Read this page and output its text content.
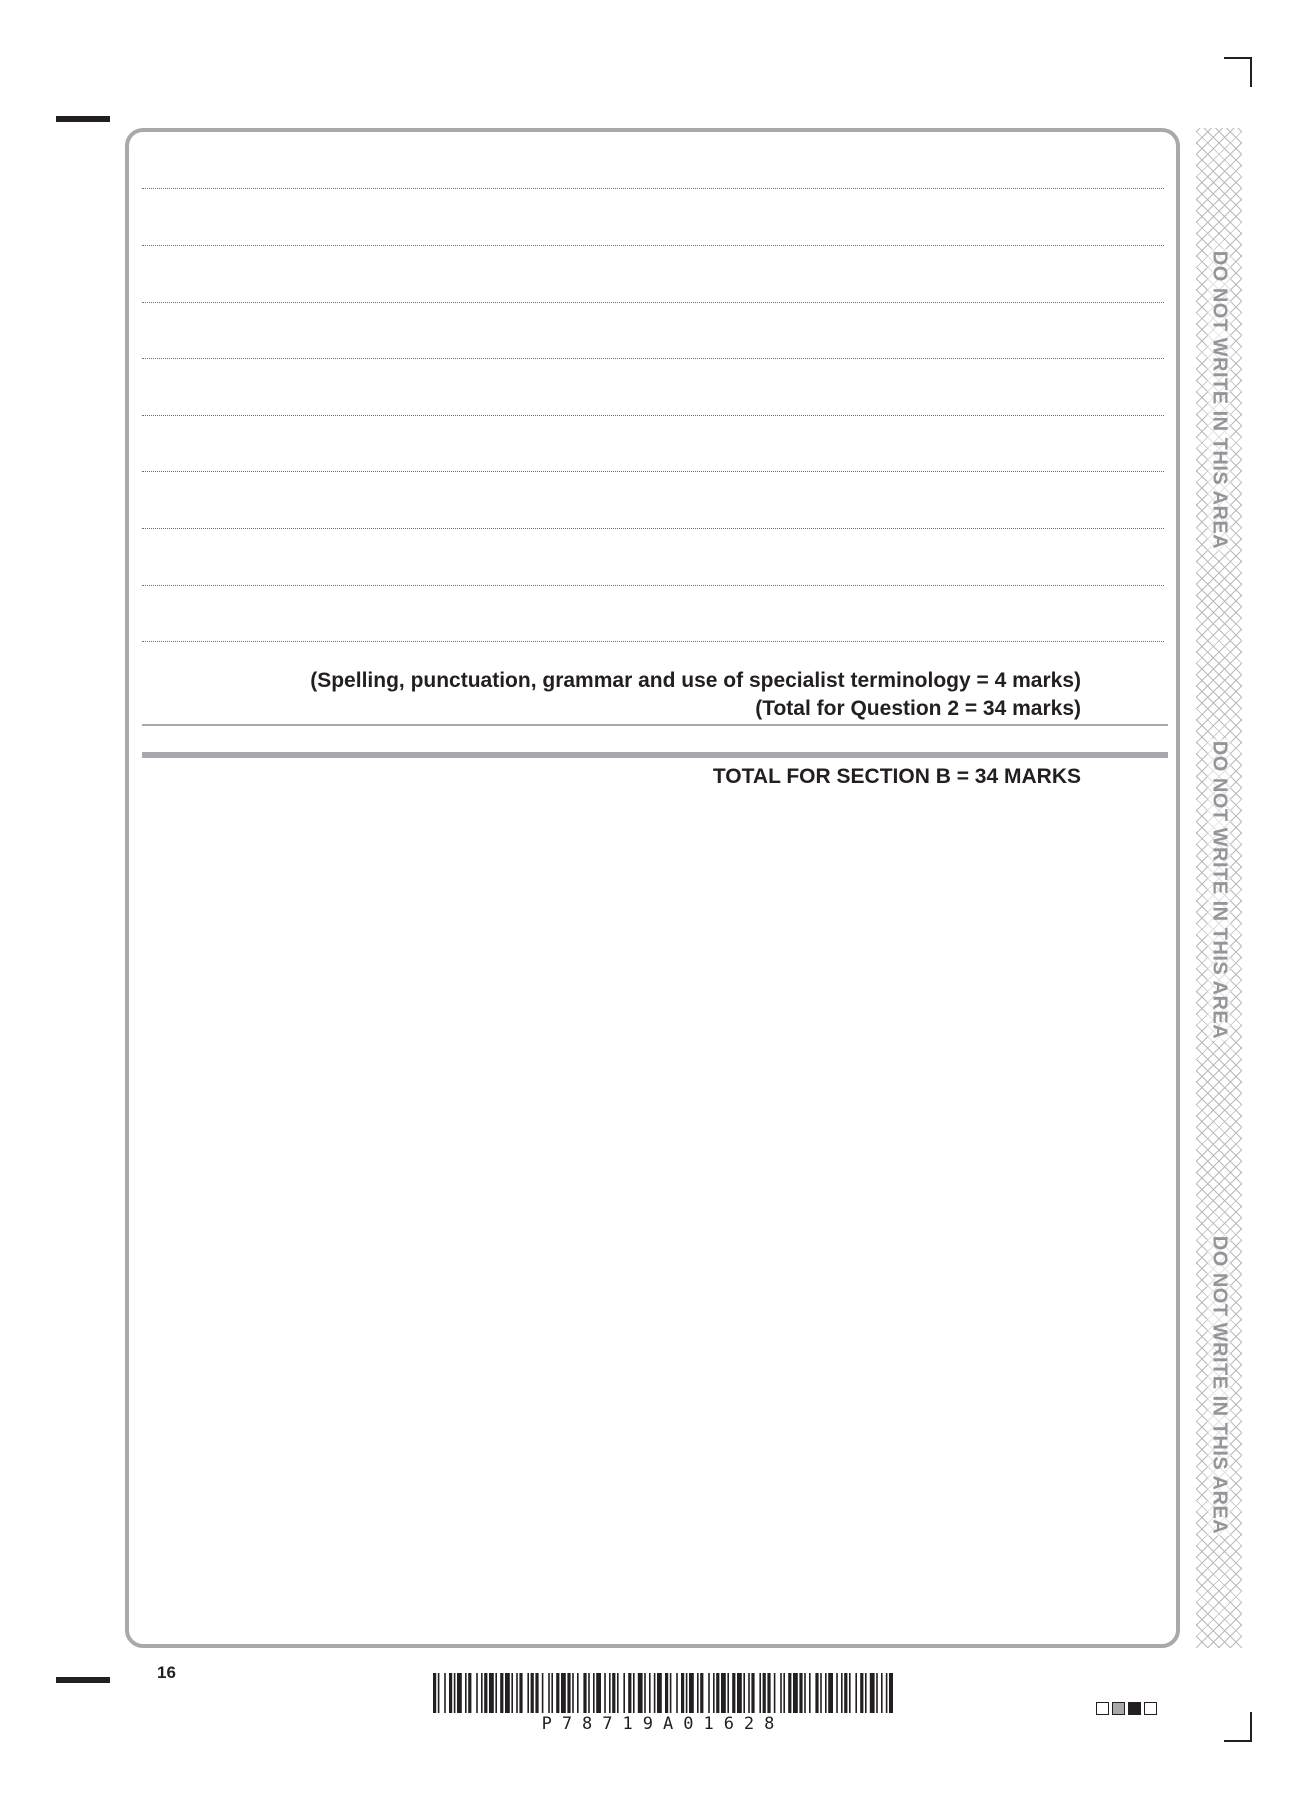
(Spelling, punctuation, grammar and use of specialist terminology = 4 marks)
(Total for Question 2 = 34 marks)
TOTAL FOR SECTION B = 34 MARKS
DO NOT WRITE IN THIS AREA
DO NOT WRITE IN THIS AREA
DO NOT WRITE IN THIS AREA
16
P78719A01628
